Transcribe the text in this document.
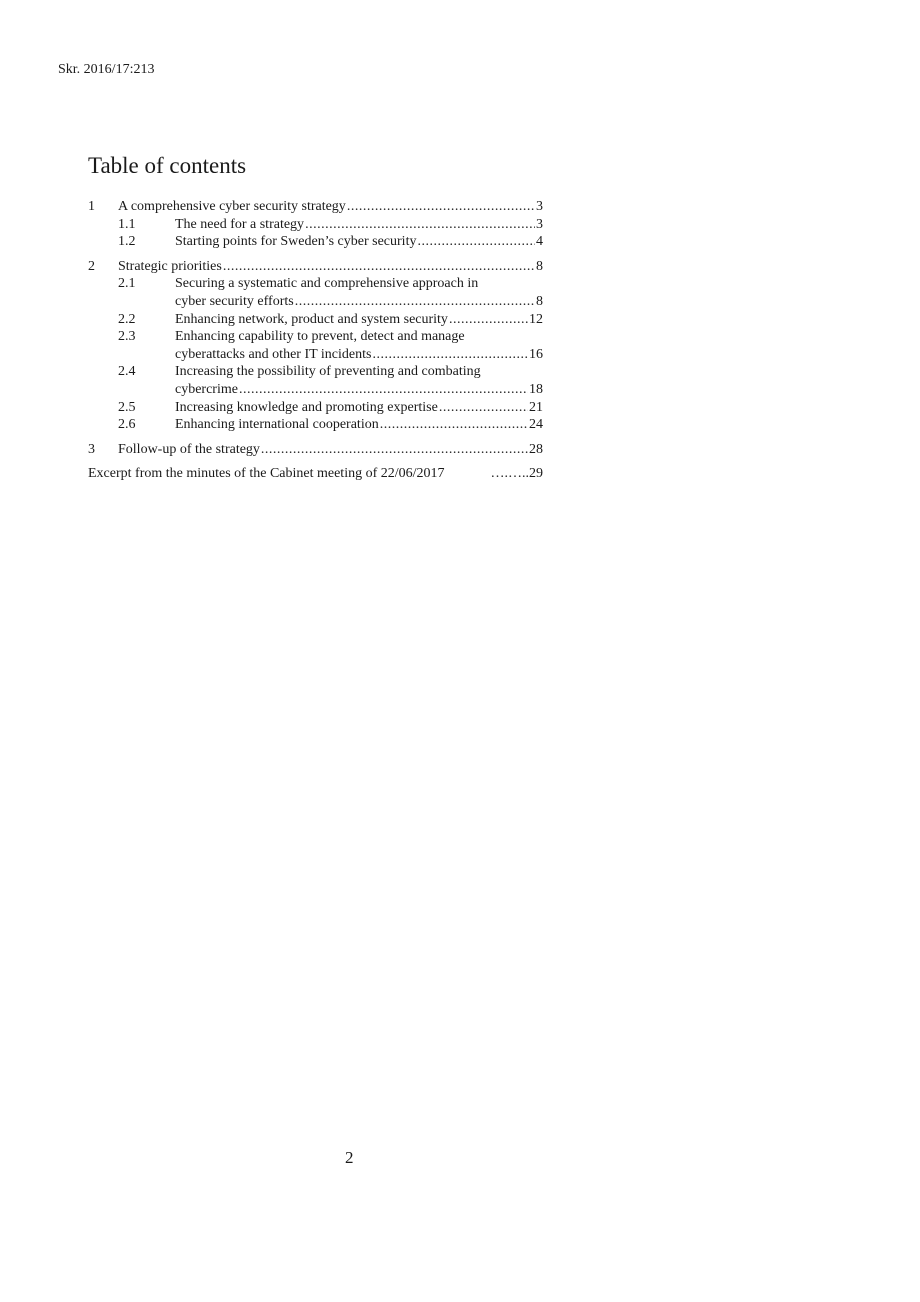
Skr. 2016/17:213
Table of contents
1 A comprehensive cyber security strategy .....	3
1.1	The need for a strategy .....	3
1.2	Starting points for Sweden’s cyber security .....	4
2 Strategic priorities .....	8
2.1	Securing a systematic and comprehensive approach in
cyber security efforts .....	8
2.2	Enhancing network, product and system security .....	12
2.3	Enhancing capability to prevent, detect and manage
cyberattacks and other IT incidents .....	16
2.4	Increasing the possibility of preventing and combating
cybercrime .....	18
2.5	Increasing knowledge and promoting expertise .....	21
2.6	Enhancing international cooperation .....	24
3 Follow-up of the strategy .....	28
Excerpt from the minutes of the Cabinet meeting of 22/06/2017	….…..29
2
